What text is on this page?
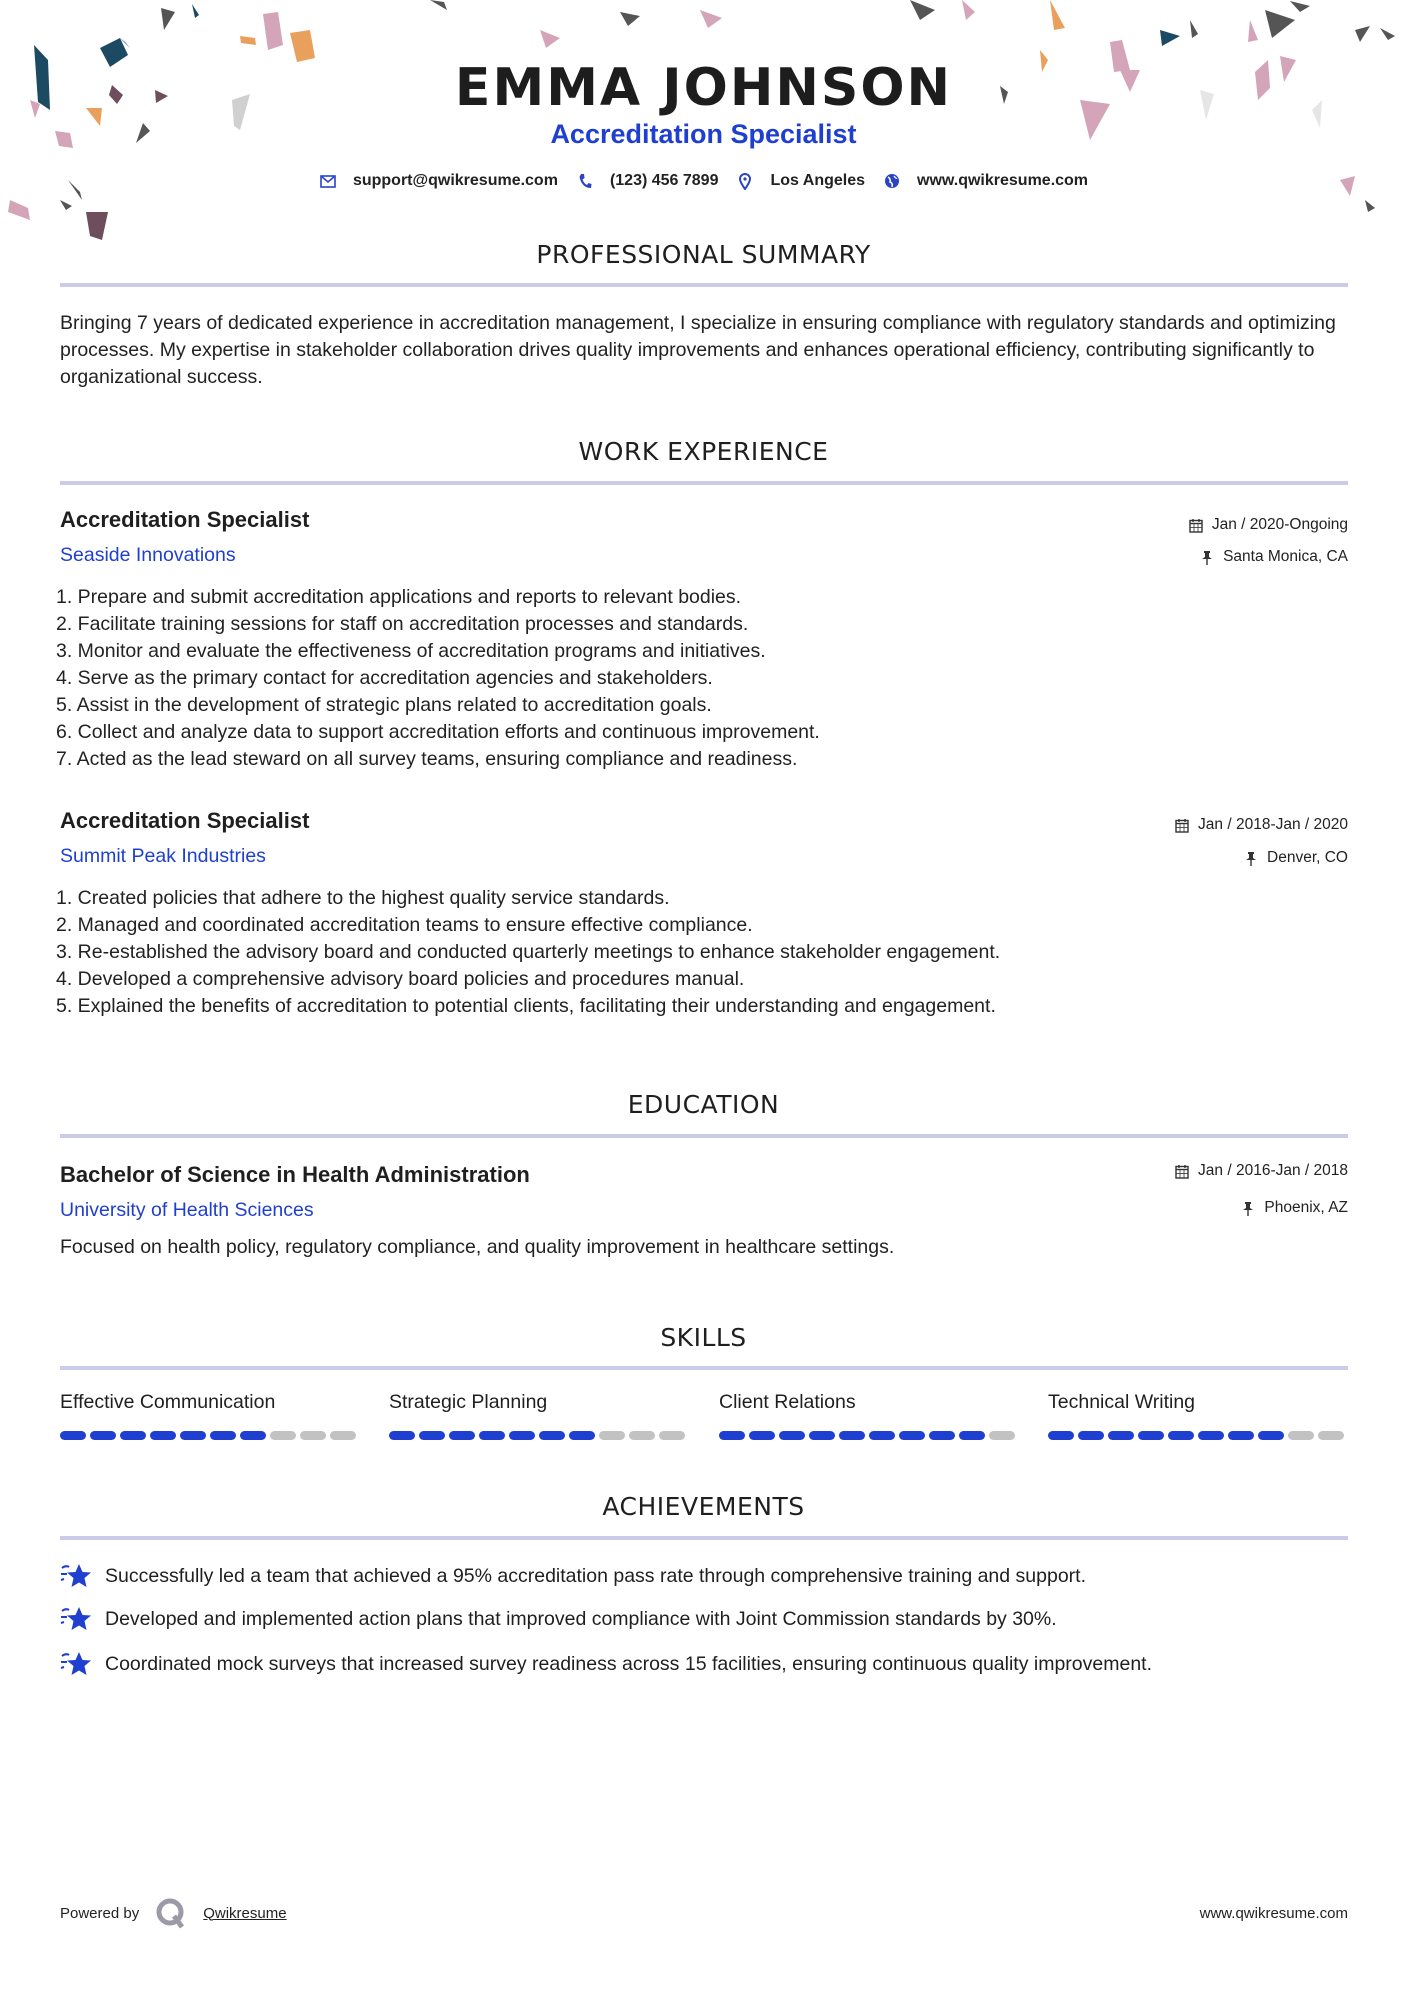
EMMA JOHNSON
Accreditation Specialist
support@qwikresume.com	(123) 456 7899	Los Angeles	www.qwikresume.com
PROFESSIONAL SUMMARY
Bringing 7 years of dedicated experience in accreditation management, I specialize in ensuring compliance with regulatory standards and optimizing processes. My expertise in stakeholder collaboration drives quality improvements and enhances operational efficiency, contributing significantly to organizational success.
WORK EXPERIENCE
Accreditation Specialist
Seaside Innovations
Jan / 2020-Ongoing
Santa Monica, CA
1. Prepare and submit accreditation applications and reports to relevant bodies.
2. Facilitate training sessions for staff on accreditation processes and standards.
3. Monitor and evaluate the effectiveness of accreditation programs and initiatives.
4. Serve as the primary contact for accreditation agencies and stakeholders.
5. Assist in the development of strategic plans related to accreditation goals.
6. Collect and analyze data to support accreditation efforts and continuous improvement.
7. Acted as the lead steward on all survey teams, ensuring compliance and readiness.
Accreditation Specialist
Summit Peak Industries
Jan / 2018-Jan / 2020
Denver, CO
1. Created policies that adhere to the highest quality service standards.
2. Managed and coordinated accreditation teams to ensure effective compliance.
3. Re-established the advisory board and conducted quarterly meetings to enhance stakeholder engagement.
4. Developed a comprehensive advisory board policies and procedures manual.
5. Explained the benefits of accreditation to potential clients, facilitating their understanding and engagement.
EDUCATION
Bachelor of Science in Health Administration
University of Health Sciences
Jan / 2016-Jan / 2018
Phoenix, AZ
Focused on health policy, regulatory compliance, and quality improvement in healthcare settings.
SKILLS
Effective Communication	Strategic Planning	Client Relations	Technical Writing
ACHIEVEMENTS
Successfully led a team that achieved a 95% accreditation pass rate through comprehensive training and support.
Developed and implemented action plans that improved compliance with Joint Commission standards by 30%.
Coordinated mock surveys that increased survey readiness across 15 facilities, ensuring continuous quality improvement.
Powered by	Qwikresume	www.qwikresume.com
